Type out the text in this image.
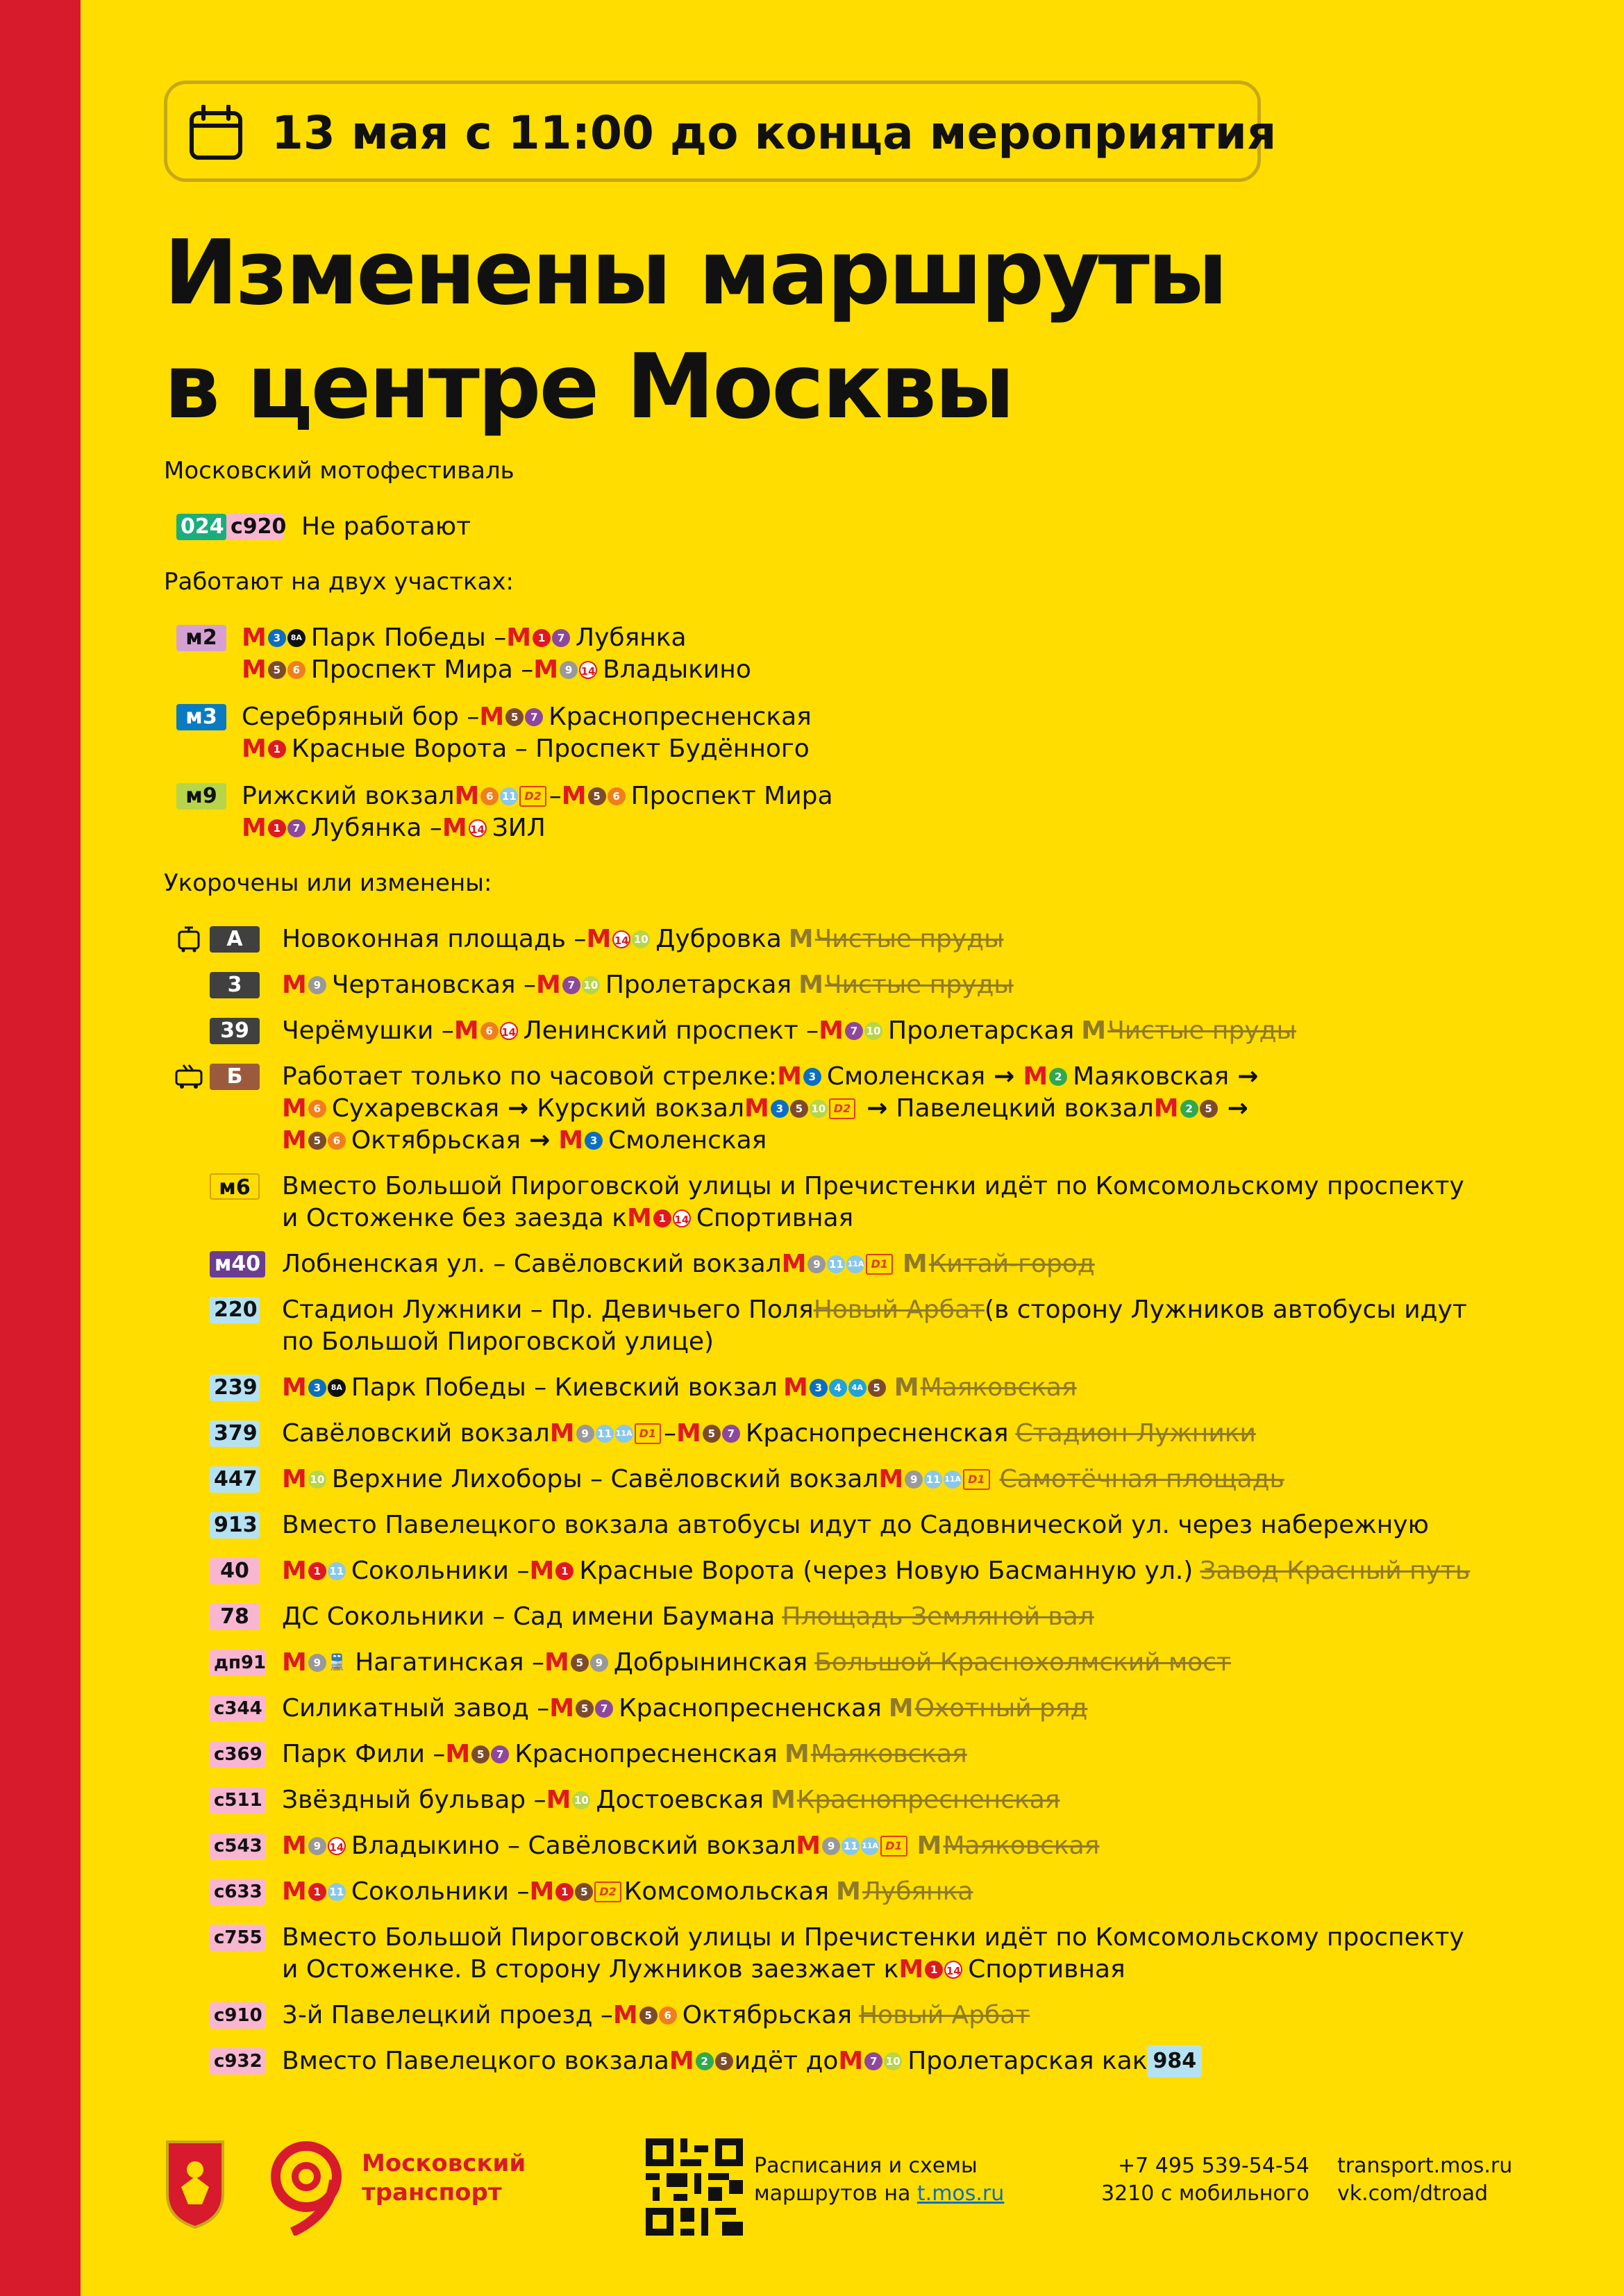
13 мая с 11:00 до конца мероприятия
Изменены маршруты
в центре Москвы
Московский мотофестиваль
024 с920 Не работают
Работают на двух участках:
м2 M 3	8А Парк Победы – M 1	7 Лубянка
M 5	6 Проспект Мира – M 9 14 Владыкино
м3 Серебряный бор – M 5	7 Краснопресненская
M 1 Красные Ворота – Проспект Будённого
м9 Рижский вокзал M 6 11 D2 – M 5	6 Проспект Мира
M 1	7 Лубянка – M 14 ЗИЛ
Укорочены или изменены:
А	Новоконная площадь – M 14 10 Дубровка M Чистые пруды
3	M 9 Чертановская – M 7 10 Пролетарская M Чистые пруды
39	Черёмушки – M 6 14 Ленинский проспект – M 7 10 Пролетарская M Чистые пруды
Б	Работает только по часовой стрелке: M 3 Смоленская → M 2 Маяковская →
M 6 Сухаревская → Курский вокзал M 3	5 10 D2 → Павелецкий вокзал M 2	5 →
M 5	6 Октябрьская → M 3 Смоленская
м6	Вместо Большой Пироговской улицы и Пречистенки идёт по Комсомольскому проспекту
и Остоженке без заезда к M 1 14 Спортивная
м40 Лобненская ул. – Савёловский вокзал M 9 11 11А D1 M Китай-город
220 Стадион Лужники – Пр. Девичьего Поля Новый Арбат (в сторону Лужников автобусы идут
по Большой Пироговской улице)
239 M 3	8А Парк Победы – Киевский вокзал M 3	4	4А 5 M Маяковская
379 Савёловский вокзал M 9 11 11А D1 – M 5	7 Краснопресненская Стадион Лужники
447 M 10 Верхние Лихоборы – Савёловский вокзал M 9 11 11А D1 Самотёчная площадь
913 Вместо Павелецкого вокзала автобусы идут до Садовнической ул. через набережную
40	M 1 11 Сокольники – M 1 Красные Ворота (через Новую Басманную ул.) Завод Красный путь
78	ДС Сокольники – Сад имени Баумана Площадь Земляной вал
дп91 M 9 🚆 Нагатинская – M 5	9 Добрынинская Большой Краснохолмский мост
с344 Силикатный завод – M 5	7 Краснопресненская M Охотный ряд
с369 Парк Фили – M 5	7 Краснопресненская M Маяковская
с511 Звёздный бульвар – M 10 Достоевская M Краснопресненская
с543 M 9 14 Владыкино – Савёловский вокзал M 9 11 11А D1 M Маяковская
с633 M 1 11 Сокольники – M 1	5	D2 Комсомольская M Лубянка
с755 Вместо Большой Пироговской улицы и Пречистенки идёт по Комсомольскому проспекту
и Остоженке. В сторону Лужников заезжает к M 1 14 Спортивная
с910 3-й Павелецкий проезд – M 5	6 Октябрьская Новый Арбат
с932 Вместо Павелецкого вокзала M 2	5 идёт до M 7 10 Пролетарская как 984
Московский
транспорт
Расписания и схемы
маршрутов на t.mos.ru
+7 495 539-54-54
3210 с мобильного
transport.mos.ru
vk.com/dtroad
